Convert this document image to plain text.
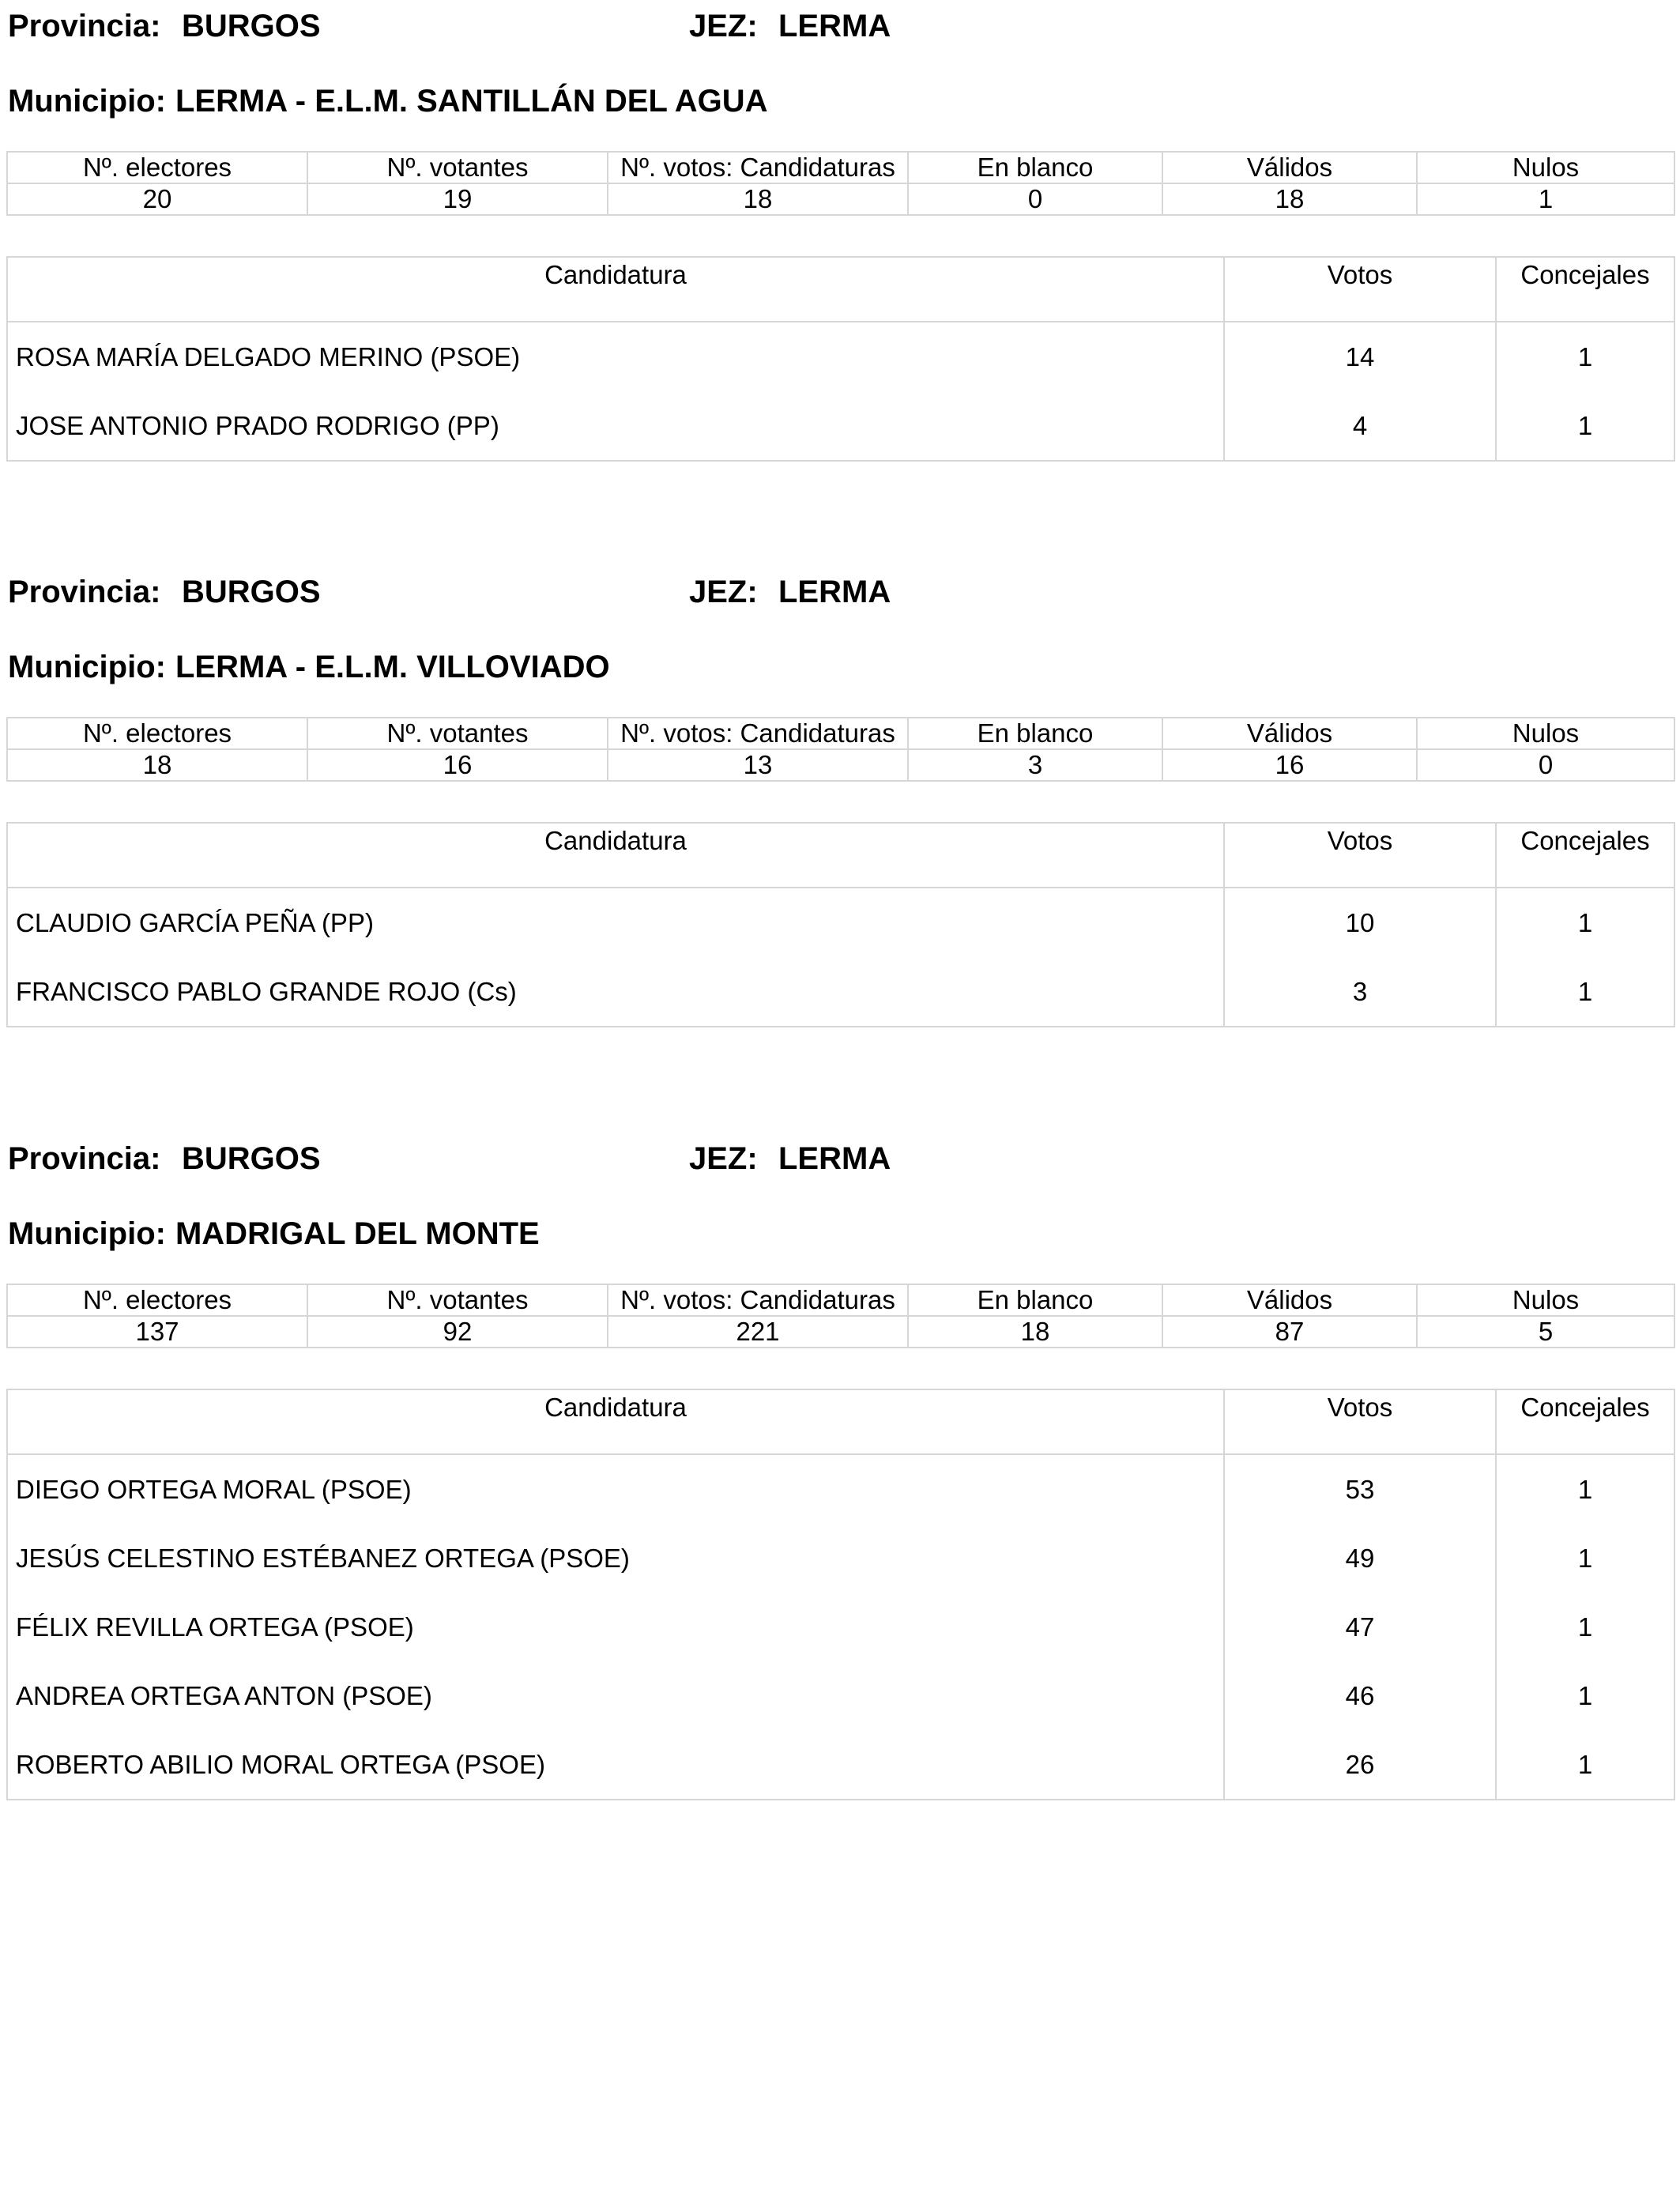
Provincia: BURGOS	JEZ: LERMA
Municipio: LERMA - E.L.M. SANTILLÁN DEL AGUA
Nº. electores	Nº. votantes	Nº. votos: Candidaturas	En blanco	Válidos	Nulos
20	19	18	0	18	1
Candidatura	Votos	Concejales
ROSA MARÍA DELGADO MERINO (PSOE)	14	1
JOSE ANTONIO PRADO RODRIGO (PP)	4	1
Provincia: BURGOS	JEZ: LERMA
Municipio: LERMA - E.L.M. VILLOVIADO
Nº. electores	Nº. votantes	Nº. votos: Candidaturas	En blanco	Válidos	Nulos
18	16	13	3	16	0
Candidatura	Votos	Concejales
CLAUDIO GARCÍA PEÑA (PP)	10	1
FRANCISCO PABLO GRANDE ROJO (Cs)	3	1
Provincia: BURGOS	JEZ: LERMA
Municipio: MADRIGAL DEL MONTE
Nº. electores	Nº. votantes	Nº. votos: Candidaturas	En blanco	Válidos	Nulos
137	92	221	18	87	5
Candidatura	Votos	Concejales
DIEGO ORTEGA MORAL (PSOE)	53	1
JESÚS CELESTINO ESTÉBANEZ ORTEGA (PSOE)	49	1
FÉLIX REVILLA ORTEGA (PSOE)	47	1
ANDREA ORTEGA ANTON (PSOE)	46	1
ROBERTO ABILIO MORAL ORTEGA (PSOE)	26	1
